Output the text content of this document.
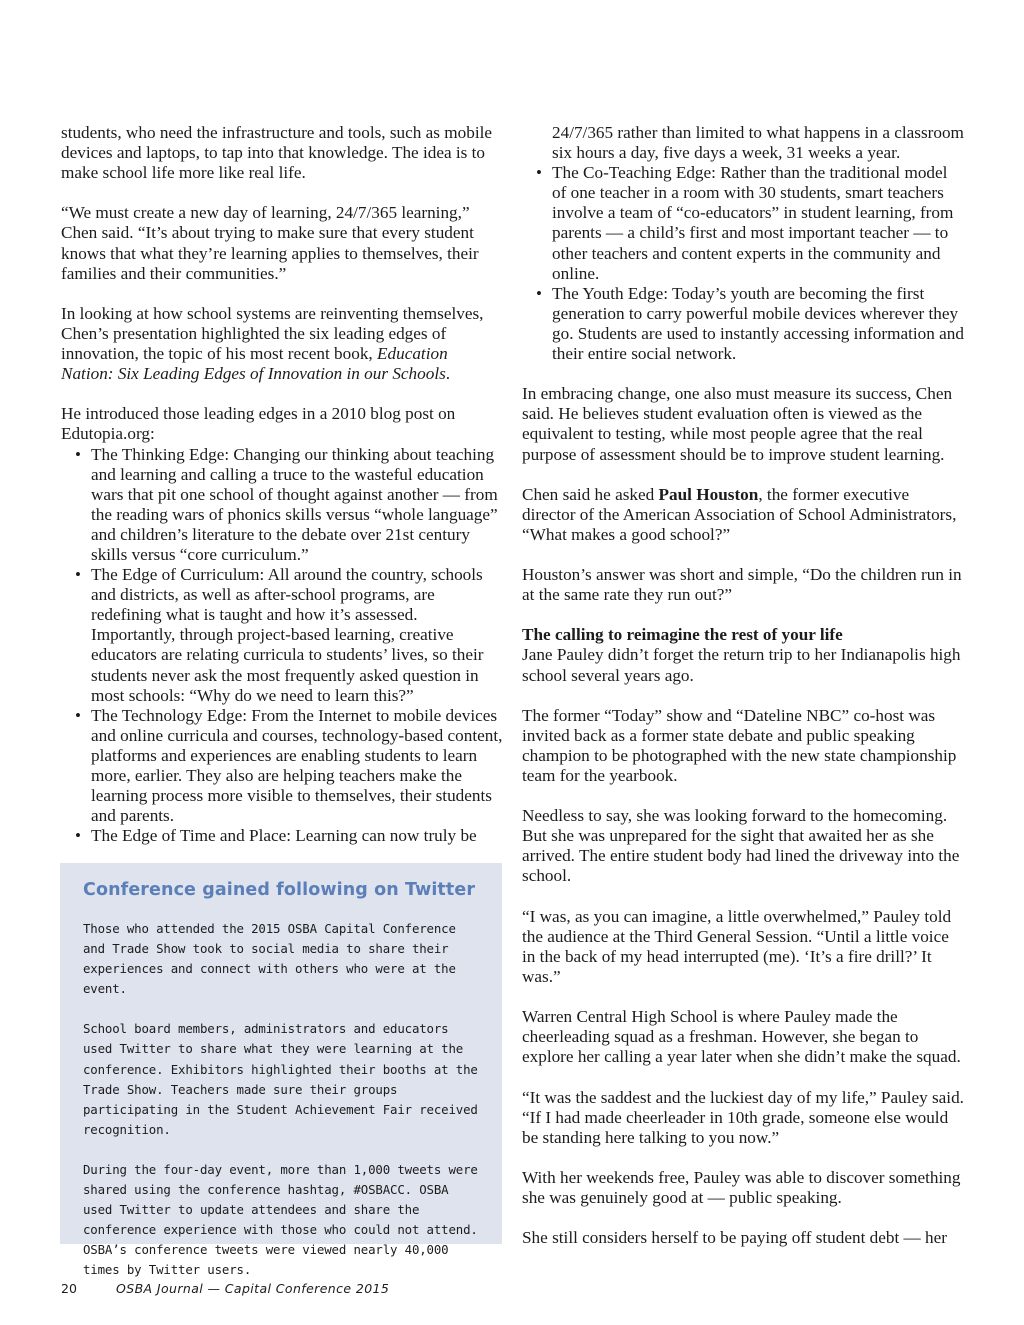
students, who need the infrastructure and tools, such as mobile devices and laptops, to tap into that knowledge. The idea is to make school life more like real life.

“We must create a new day of learning, 24/7/365 learning,” Chen said. “It’s about trying to make sure that every student knows that what they’re learning applies to themselves, their families and their communities.”

In looking at how school systems are reinventing themselves, Chen’s presentation highlighted the six leading edges of innovation, the topic of his most recent book, Education Nation: Six Leading Edges of Innovation in our Schools.

He introduced those leading edges in a 2010 blog post on Edutopia.org:

• The Thinking Edge: Changing our thinking about teaching and learning and calling a truce to the wasteful education wars that pit one school of thought against another — from the reading wars of phonics skills versus “whole language” and children’s literature to the debate over 21st century skills versus “core curriculum.”
• The Edge of Curriculum: All around the country, schools and districts, as well as after-school programs, are redefining what is taught and how it’s assessed. Importantly, through project-based learning, creative educators are relating curricula to students’ lives, so their students never ask the most frequently asked question in most schools: “Why do we need to learn this?”
• The Technology Edge: From the Internet to mobile devices and online curricula and courses, technology-based content, platforms and experiences are enabling students to learn more, earlier. They also are helping teachers make the learning process more visible to themselves, their students and parents.
• The Edge of Time and Place: Learning can now truly be
Conference gained following on Twitter

Those who attended the 2015 OSBA Capital Conference and Trade Show took to social media to share their experiences and connect with others who were at the event.

School board members, administrators and educators used Twitter to share what they were learning at the conference. Exhibitors highlighted their booths at the Trade Show. Teachers made sure their groups participating in the Student Achievement Fair received recognition.

During the four-day event, more than 1,000 tweets were shared using the conference hashtag, #OSBACC. OSBA used Twitter to update attendees and share the conference experience with those who could not attend. OSBA’s conference tweets were viewed nearly 40,000 times by Twitter users.

24/7/365 rather than limited to what happens in a classroom six hours a day, five days a week, 31 weeks a year.

• The Co-Teaching Edge: Rather than the traditional model of one teacher in a room with 30 students, smart teachers involve a team of “co-educators” in student learning, from parents — a child’s first and most important teacher — to other teachers and content experts in the community and online.
• The Youth Edge: Today’s youth are becoming the first generation to carry powerful mobile devices wherever they go. Students are used to instantly accessing information and their entire social network.

In embracing change, one also must measure its success, Chen said. He believes student evaluation often is viewed as the equivalent to testing, while most people agree that the real purpose of assessment should be to improve student learning.

Chen said he asked Paul Houston, the former executive director of the American Association of School Administrators, “What makes a good school?”

Houston’s answer was short and simple, “Do the children run in at the same rate they run out?”

The calling to reimagine the rest of your life

Jane Pauley didn’t forget the return trip to her Indianapolis high school several years ago.

The former “Today” show and “Dateline NBC” co-host was invited back as a former state debate and public speaking champion to be photographed with the new state championship team for the yearbook.

Needless to say, she was looking forward to the homecoming. But she was unprepared for the sight that awaited her as she arrived. The entire student body had lined the driveway into the school.

“I was, as you can imagine, a little overwhelmed,” Pauley told the audience at the Third General Session. “Until a little voice in the back of my head interrupted (me). ‘It’s a fire drill?’ It was.”

Warren Central High School is where Pauley made the cheerleading squad as a freshman. However, she began to explore her calling a year later when she didn’t make the squad.

“It was the saddest and the luckiest day of my life,” Pauley said. “If I had made cheerleader in 10th grade, someone else would be standing here talking to you now.”

With her weekends free, Pauley was able to discover something she was genuinely good at — public speaking.

She still considers herself to be paying off student debt — her

20	OSBA Journal — Capital Conference 2015
